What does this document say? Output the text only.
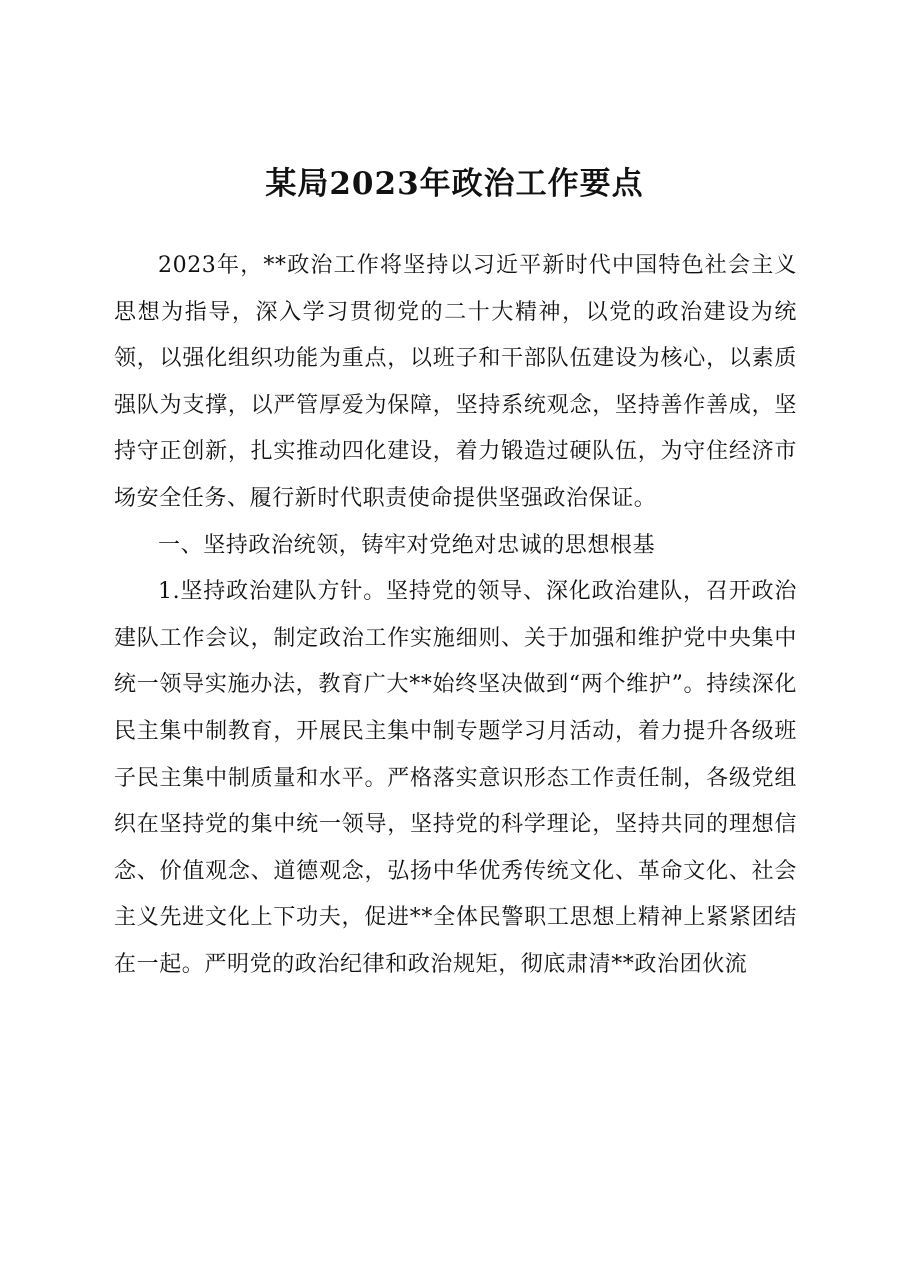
某局2023年政治工作要点

2023年，**政治工作将坚持以习近平新时代中国特色社会主义思想为指导，深入学习贯彻党的二十大精神，以党的政治建设为统领，以强化组织功能为重点，以班子和干部队伍建设为核心，以素质强队为支撑，以严管厚爱为保障，坚持系统观念，坚持善作善成，坚持守正创新，扎实推动四化建设，着力锻造过硬队伍，为守住经济市场安全任务、履行新时代职责使命提供坚强政治保证。

一、坚持政治统领，铸牢对党绝对忠诚的思想根基

1.坚持政治建队方针。坚持党的领导、深化政治建队，召开政治建队工作会议，制定政治工作实施细则、关于加强和维护党中央集中统一领导实施办法，教育广大**始终坚决做到“两个维护”。持续深化民主集中制教育，开展民主集中制专题学习月活动，着力提升各级班子民主集中制质量和水平。严格落实意识形态工作责任制，各级党组织在坚持党的集中统一领导，坚持党的科学理论，坚持共同的理想信念、价值观念、道德观念，弘扬中华优秀传统文化、革命文化、社会主义先进文化上下功夫，促进**全体民警职工思想上精神上紧紧团结在一起。严明党的政治纪律和政治规矩，彻底肃清**政治团伙流
